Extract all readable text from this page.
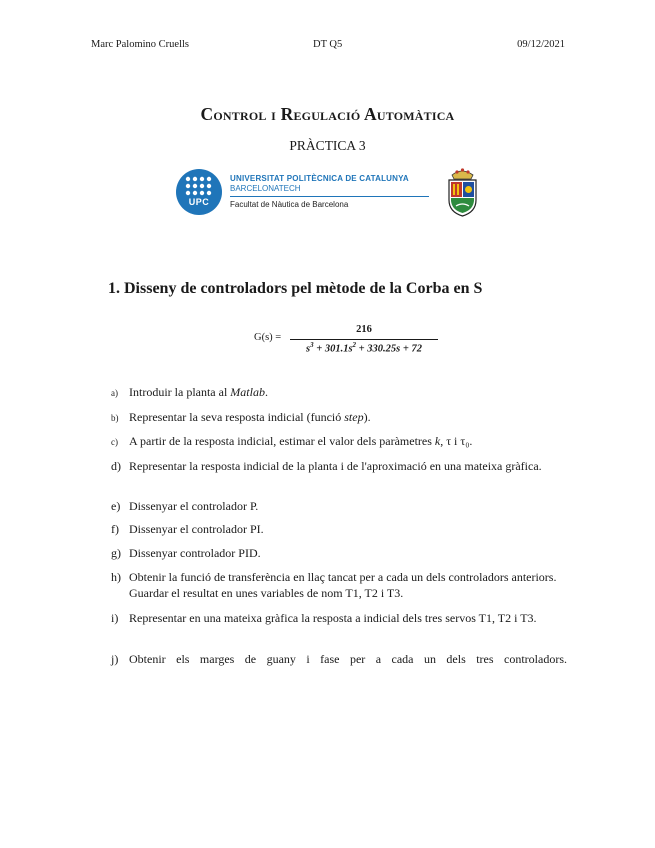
Marc Palomino Cruells	DT Q5	09/12/2021
Control i Regulació Automàtica
PRÀCTICA 3
UPC
UNIVERSITAT POLITÈCNICA DE CATALUNYA
BARCELONATECH
Facultat de Nàutica de Barcelona
1. Disseny de controladors pel mètode de la Corba en S
G(s) =
216
$s^3 + 301.1s^2 + 330.25s + 72$
a) Introduir la planta al Matlab.
b) Representar la seva resposta indicial (funció step).
c) A partir de la resposta indicial, estimar el valor dels paràmetres k, τ i τ₀.
d) Representar la resposta indicial de la planta i de l'aproximació en una mateixa gràfica.
e) Dissenyar el controlador P.
f) Dissenyar el controlador PI.
g) Dissenyar controlador PID.
h) Obtenir la funció de transferència en llaç tancat per a cada un dels controladors anteriors. Guardar el resultat en unes variables de nom T1, T2 i T3.
i) Representar en una mateixa gràfica la resposta a indicial dels tres servos T1, T2 i T3.
j) Obtenir els marges de guany i fase per a cada un dels tres controladors.
